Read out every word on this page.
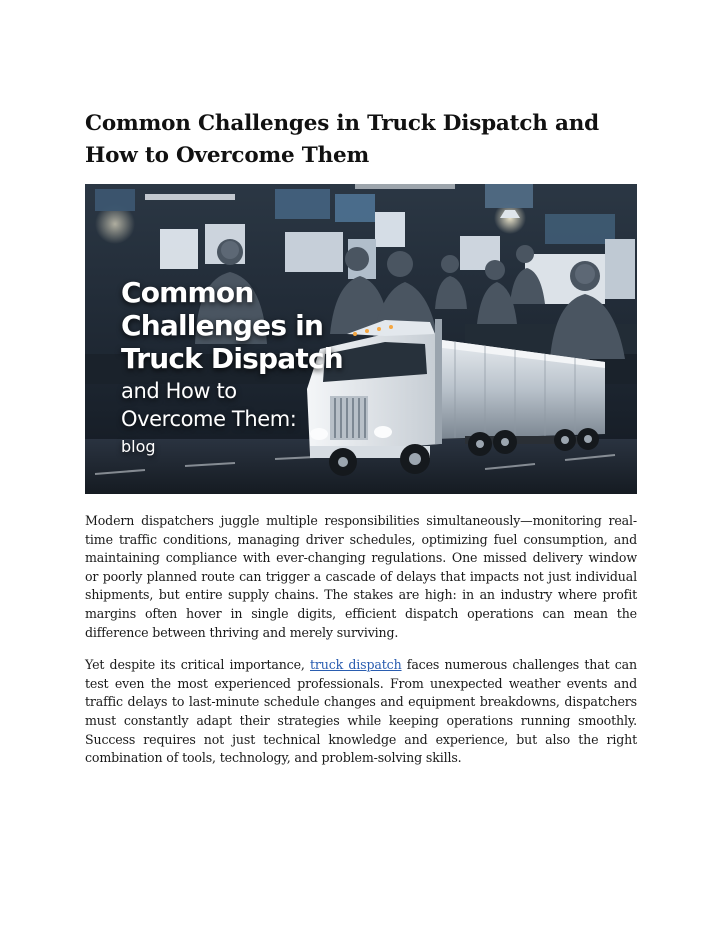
Common Challenges in Truck Dispatch and How to Overcome Them
Common
Challenges in
Truck Dispatch
and How to
Overcome Them:
blog

Modern dispatchers juggle multiple responsibilities simultaneously—monitoring real-time traffic conditions, managing driver schedules, optimizing fuel consumption, and maintaining compliance with ever-changing regulations. One missed delivery window or poorly planned route can trigger a cascade of delays that impacts not just individual shipments, but entire supply chains. The stakes are high: in an industry where profit margins often hover in single digits, efficient dispatch operations can mean the difference between thriving and merely surviving.

Yet despite its critical importance, truck dispatch faces numerous challenges that can test even the most experienced professionals. From unexpected weather events and traffic delays to last-minute schedule changes and equipment breakdowns, dispatchers must constantly adapt their strategies while keeping operations running smoothly. Success requires not just technical knowledge and experience, but also the right combination of tools, technology, and problem-solving skills.
